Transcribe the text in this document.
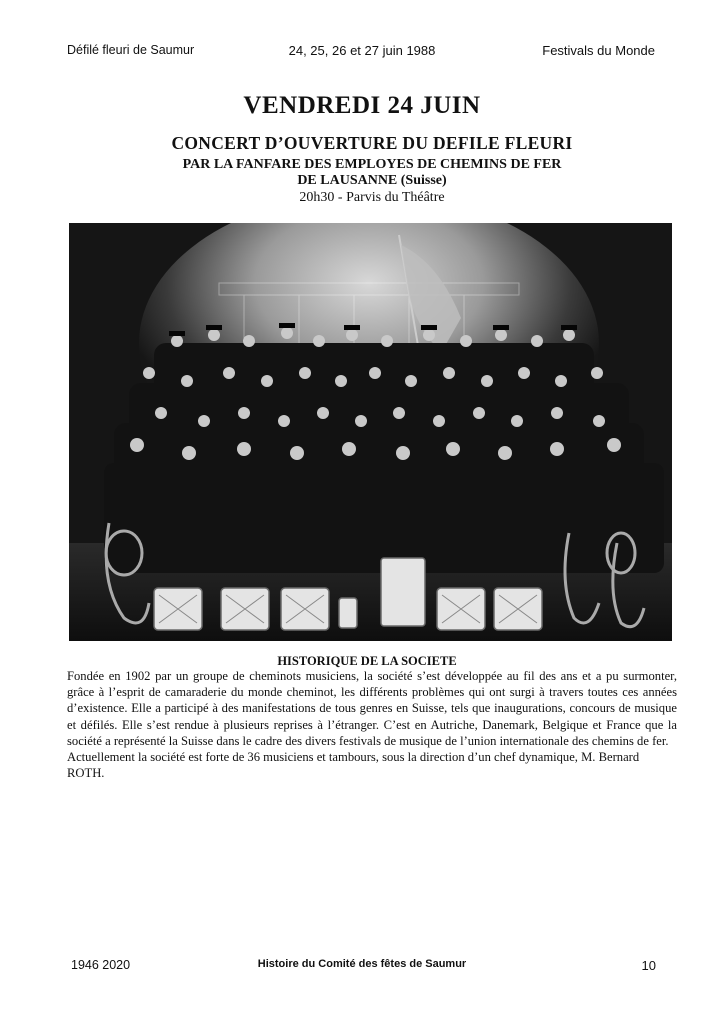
Défilé fleuri de Saumur	24, 25, 26 et 27 juin 1988	Festivals du Monde
VENDREDI 24 JUIN
CONCERT D’OUVERTURE DU DEFILE FLEURI
PAR LA FANFARE DES EMPLOYES DE CHEMINS DE FER
DE LAUSANNE (Suisse)
20h30 - Parvis du Théâtre
HISTORIQUE DE LA SOCIETE

Fondée en 1902 par un groupe de cheminots musiciens, la société s’est développée au fil des ans et a pu surmonter, grâce à l’esprit de camaraderie du monde cheminot, les différents problèmes qui ont surgi à travers toutes ces années d’existence. Elle a participé à des manifestations de tous genres en Suisse, tels que inaugurations, concours de musique et défilés. Elle s’est rendue à plusieurs reprises à l’étranger. C’est en Autriche, Danemark, Belgique et France que la société a représenté la Suisse dans le cadre des divers festivals de musique de l’union internationale des chemins de fer.

Actuellement la société est forte de 36 musiciens et tambours, sous la direction d’un chef dynamique, M. Bernard ROTH.

1946 2020	Histoire du Comité des fêtes de Saumur	10
